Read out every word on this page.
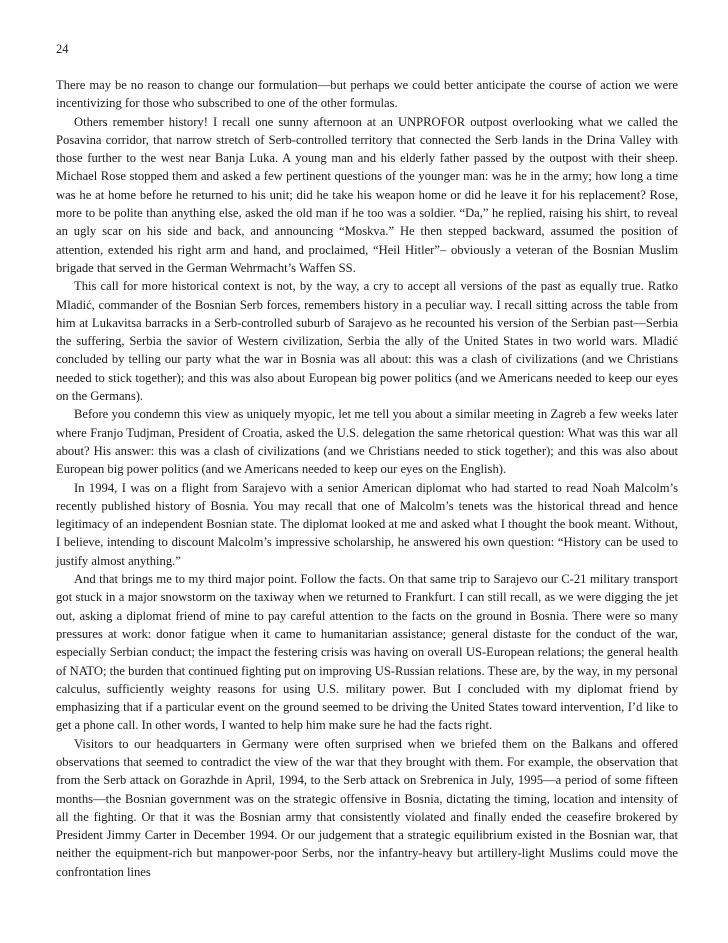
24

There may be no reason to change our formulation—but perhaps we could better anticipate the course of action we were incentivizing for those who subscribed to one of the other formulas.

Others remember history! I recall one sunny afternoon at an UNPROFOR outpost overlooking what we called the Posavina corridor, that narrow stretch of Serb-controlled territory that connected the Serb lands in the Drina Valley with those further to the west near Banja Luka. A young man and his elderly father passed by the outpost with their sheep. Michael Rose stopped them and asked a few pertinent questions of the younger man: was he in the army; how long a time was he at home before he returned to his unit; did he take his weapon home or did he leave it for his replacement? Rose, more to be polite than anything else, asked the old man if he too was a soldier. “Da,” he replied, raising his shirt, to reveal an ugly scar on his side and back, and announcing “Moskva.” He then stepped backward, assumed the position of attention, extended his right arm and hand, and proclaimed, “Heil Hitler”– obviously a veteran of the Bosnian Muslim brigade that served in the German Wehrmacht’s Waffen SS.

This call for more historical context is not, by the way, a cry to accept all versions of the past as equally true. Ratko Mladić, commander of the Bosnian Serb forces, remembers history in a peculiar way. I recall sitting across the table from him at Lukavitsa barracks in a Serb-controlled suburb of Sarajevo as he recounted his version of the Serbian past—Serbia the suffering, Serbia the savior of Western civilization, Serbia the ally of the United States in two world wars. Mladić concluded by telling our party what the war in Bosnia was all about: this was a clash of civilizations (and we Christians needed to stick together); and this was also about European big power politics (and we Americans needed to keep our eyes on the Germans).

Before you condemn this view as uniquely myopic, let me tell you about a similar meeting in Zagreb a few weeks later where Franjo Tudjman, President of Croatia, asked the U.S. delegation the same rhetorical question: What was this war all about? His answer: this was a clash of civilizations (and we Christians needed to stick together); and this was also about European big power politics (and we Americans needed to keep our eyes on the English).

In 1994, I was on a flight from Sarajevo with a senior American diplomat who had started to read Noah Malcolm’s recently published history of Bosnia. You may recall that one of Malcolm’s tenets was the historical thread and hence legitimacy of an independent Bosnian state. The diplomat looked at me and asked what I thought the book meant. Without, I believe, intending to discount Malcolm’s impressive scholarship, he answered his own question: “History can be used to justify almost anything.”

And that brings me to my third major point. Follow the facts. On that same trip to Sarajevo our C-21 military transport got stuck in a major snowstorm on the taxiway when we returned to Frankfurt. I can still recall, as we were digging the jet out, asking a diplomat friend of mine to pay careful attention to the facts on the ground in Bosnia. There were so many pressures at work: donor fatigue when it came to humanitarian assistance; general distaste for the conduct of the war, especially Serbian conduct; the impact the festering crisis was having on overall US-European relations; the general health of NATO; the burden that continued fighting put on improving US-Russian relations. These are, by the way, in my personal calculus, sufficiently weighty reasons for using U.S. military power. But I concluded with my diplomat friend by emphasizing that if a particular event on the ground seemed to be driving the United States toward intervention, I’d like to get a phone call. In other words, I wanted to help him make sure he had the facts right.

Visitors to our headquarters in Germany were often surprised when we briefed them on the Balkans and offered observations that seemed to contradict the view of the war that they brought with them. For example, the observation that from the Serb attack on Gorazhde in April, 1994, to the Serb attack on Srebrenica in July, 1995—a period of some fifteen months—the Bosnian government was on the strategic offensive in Bosnia, dictating the timing, location and intensity of all the fighting. Or that it was the Bosnian army that consistently violated and finally ended the ceasefire brokered by President Jimmy Carter in December 1994. Or our judgement that a strategic equilibrium existed in the Bosnian war, that neither the equipment-rich but manpower-poor Serbs, nor the infantry-heavy but artillery-light Muslims could move the confrontation lines
